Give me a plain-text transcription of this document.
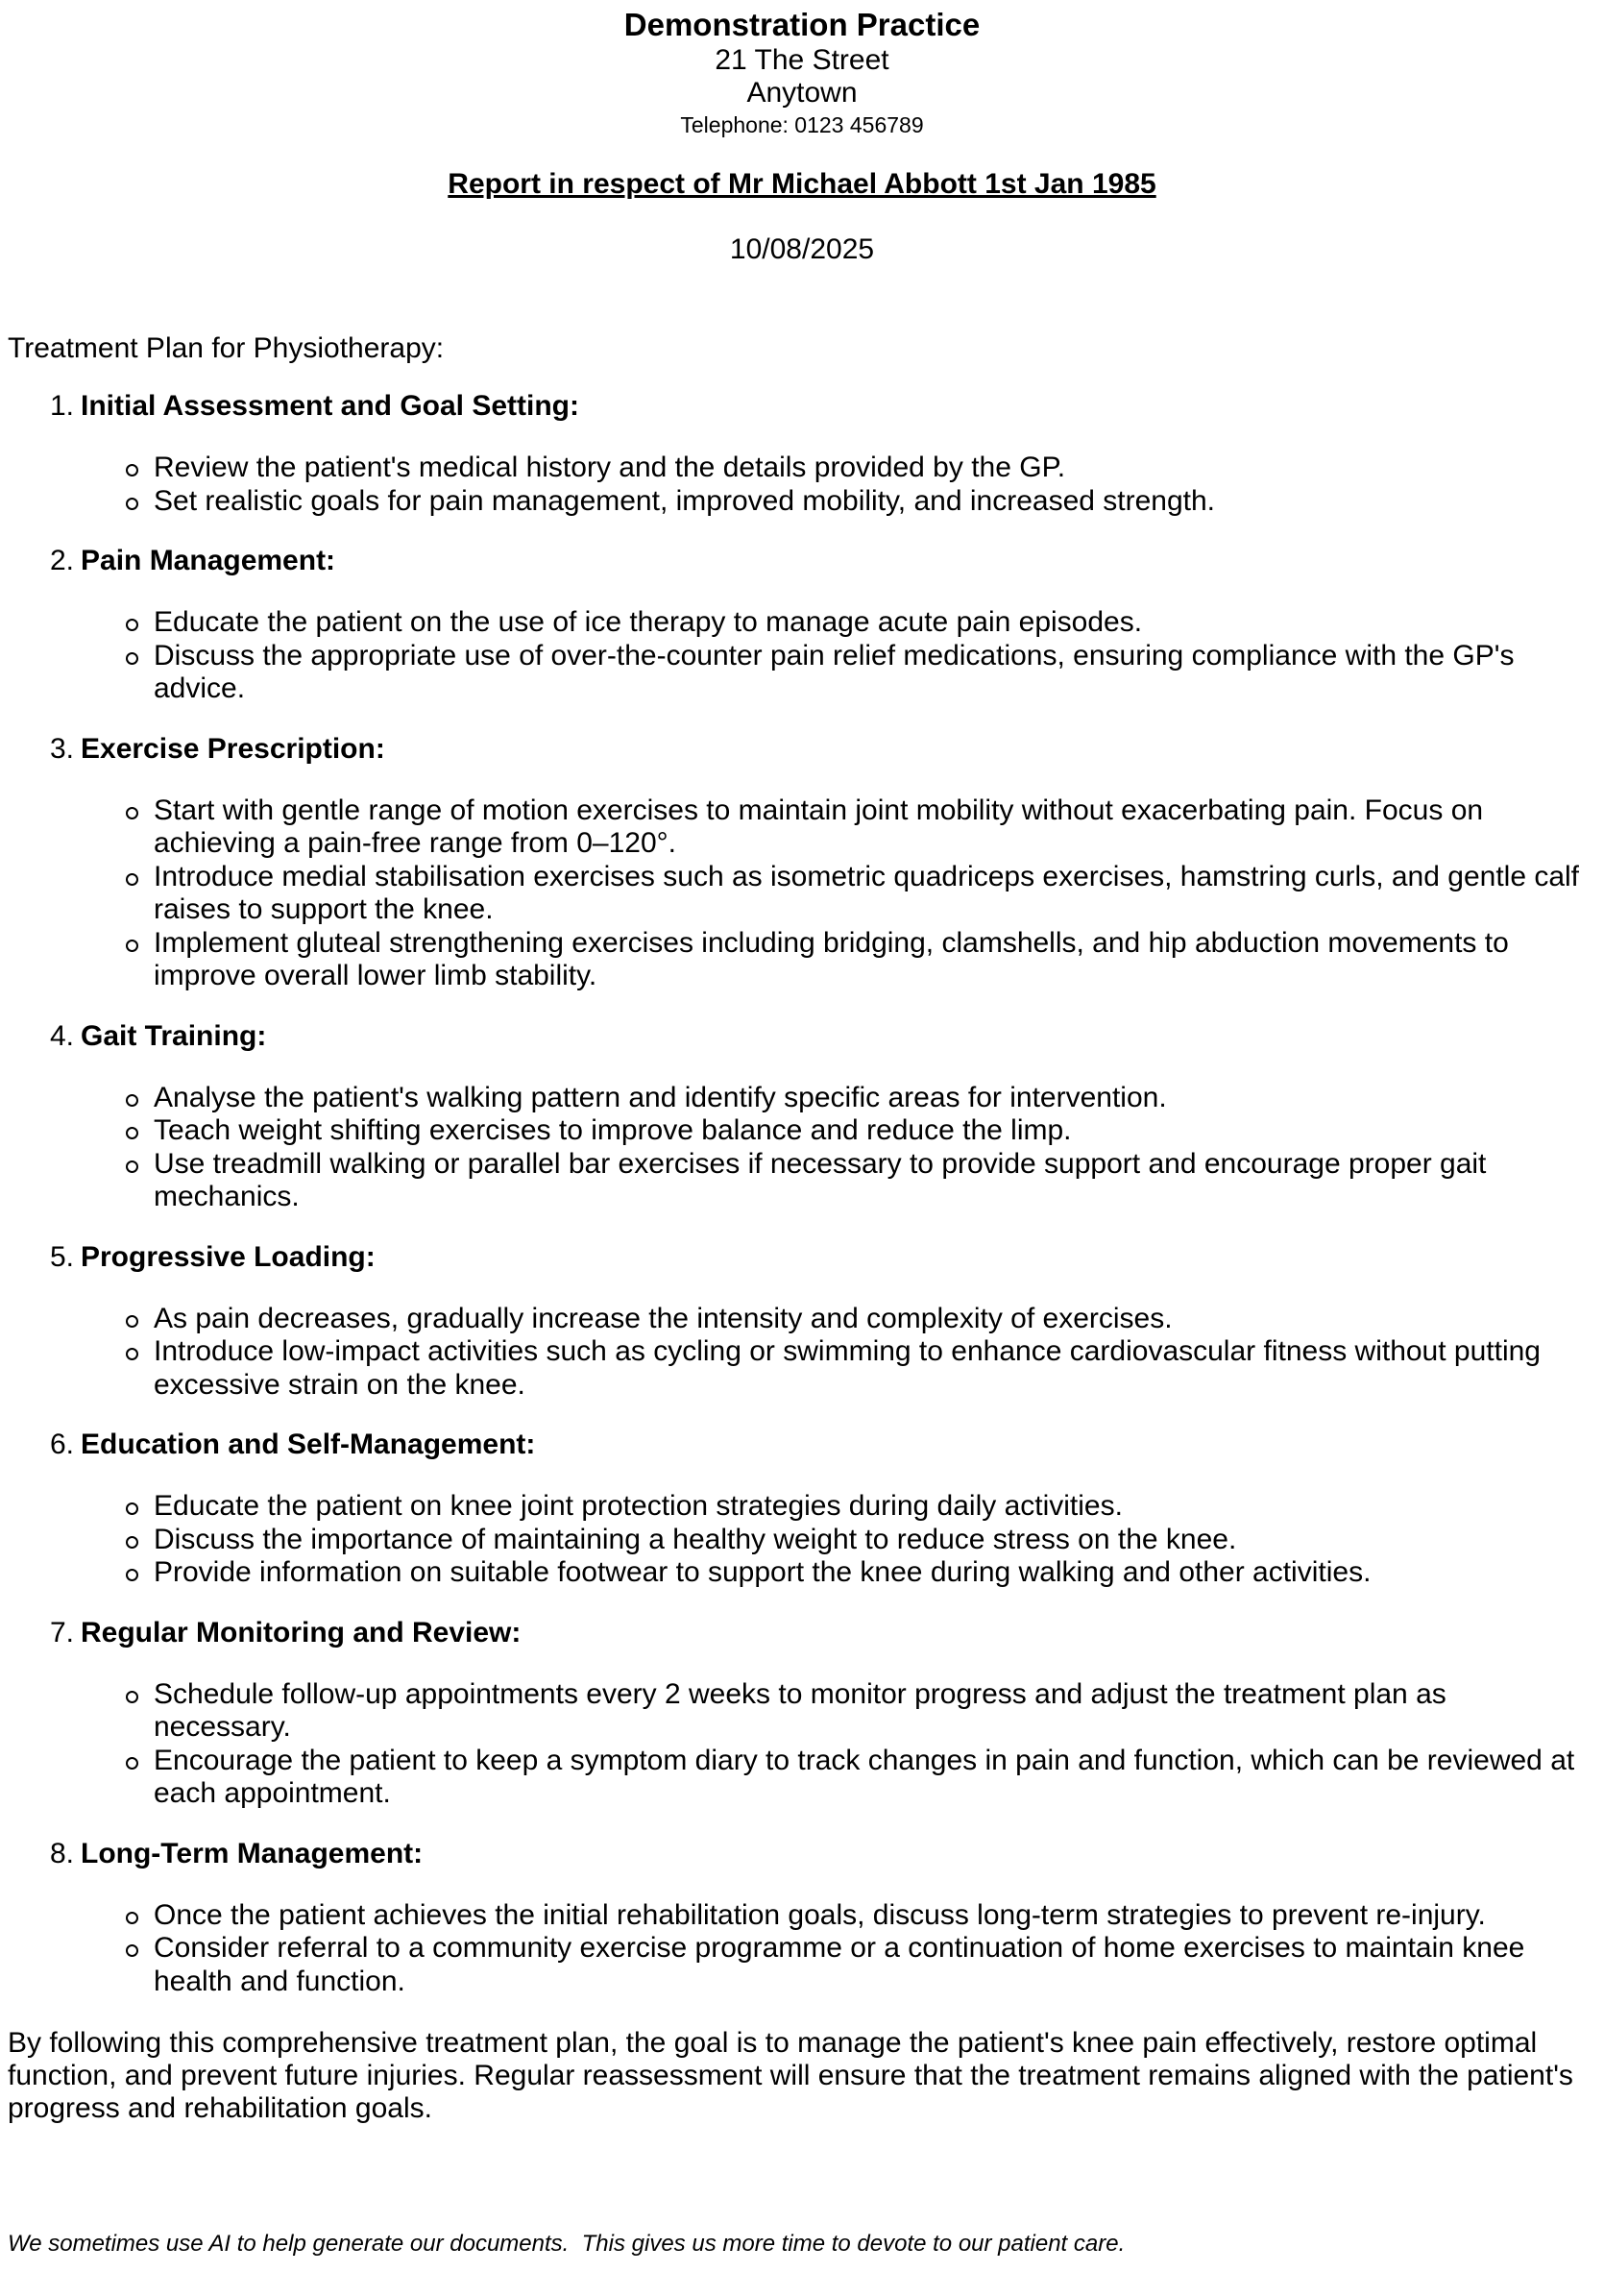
Demonstration Practice

21 The Street

Anytown

Telephone: 0123 456789

Report in respect of Mr Michael Abbott 1st Jan 1985

10/08/2025

Treatment Plan for Physiotherapy:

1. Initial Assessment and Goal Setting:

Review the patient's medical history and the details provided by the GP.
Set realistic goals for pain management, improved mobility, and increased strength.
2. Pain Management:

Educate the patient on the use of ice therapy to manage acute pain episodes.
Discuss the appropriate use of over-the-counter pain relief medications, ensuring compliance with the GP's advice.
3. Exercise Prescription:

Start with gentle range of motion exercises to maintain joint mobility without exacerbating pain. Focus on achieving a pain-free range from 0–120°.
Introduce medial stabilisation exercises such as isometric quadriceps exercises, hamstring curls, and gentle calf raises to support the knee.
Implement gluteal strengthening exercises including bridging, clamshells, and hip abduction movements to improve overall lower limb stability.
4. Gait Training:

Analyse the patient's walking pattern and identify specific areas for intervention.
Teach weight shifting exercises to improve balance and reduce the limp.
Use treadmill walking or parallel bar exercises if necessary to provide support and encourage proper gait mechanics.
5. Progressive Loading:

As pain decreases, gradually increase the intensity and complexity of exercises.
Introduce low-impact activities such as cycling or swimming to enhance cardiovascular fitness without putting excessive strain on the knee.
6. Education and Self-Management:

Educate the patient on knee joint protection strategies during daily activities.
Discuss the importance of maintaining a healthy weight to reduce stress on the knee.
Provide information on suitable footwear to support the knee during walking and other activities.
7. Regular Monitoring and Review:

Schedule follow-up appointments every 2 weeks to monitor progress and adjust the treatment plan as necessary.
Encourage the patient to keep a symptom diary to track changes in pain and function, which can be reviewed at each appointment.
8. Long-Term Management:

Once the patient achieves the initial rehabilitation goals, discuss long-term strategies to prevent re-injury.
Consider referral to a community exercise programme or a continuation of home exercises to maintain knee health and function.

By following this comprehensive treatment plan, the goal is to manage the patient's knee pain effectively, restore optimal function, and prevent future injuries. Regular reassessment will ensure that the treatment remains aligned with the patient's progress and rehabilitation goals.

We sometimes use AI to help generate our documents.  This gives us more time to devote to our patient care.
